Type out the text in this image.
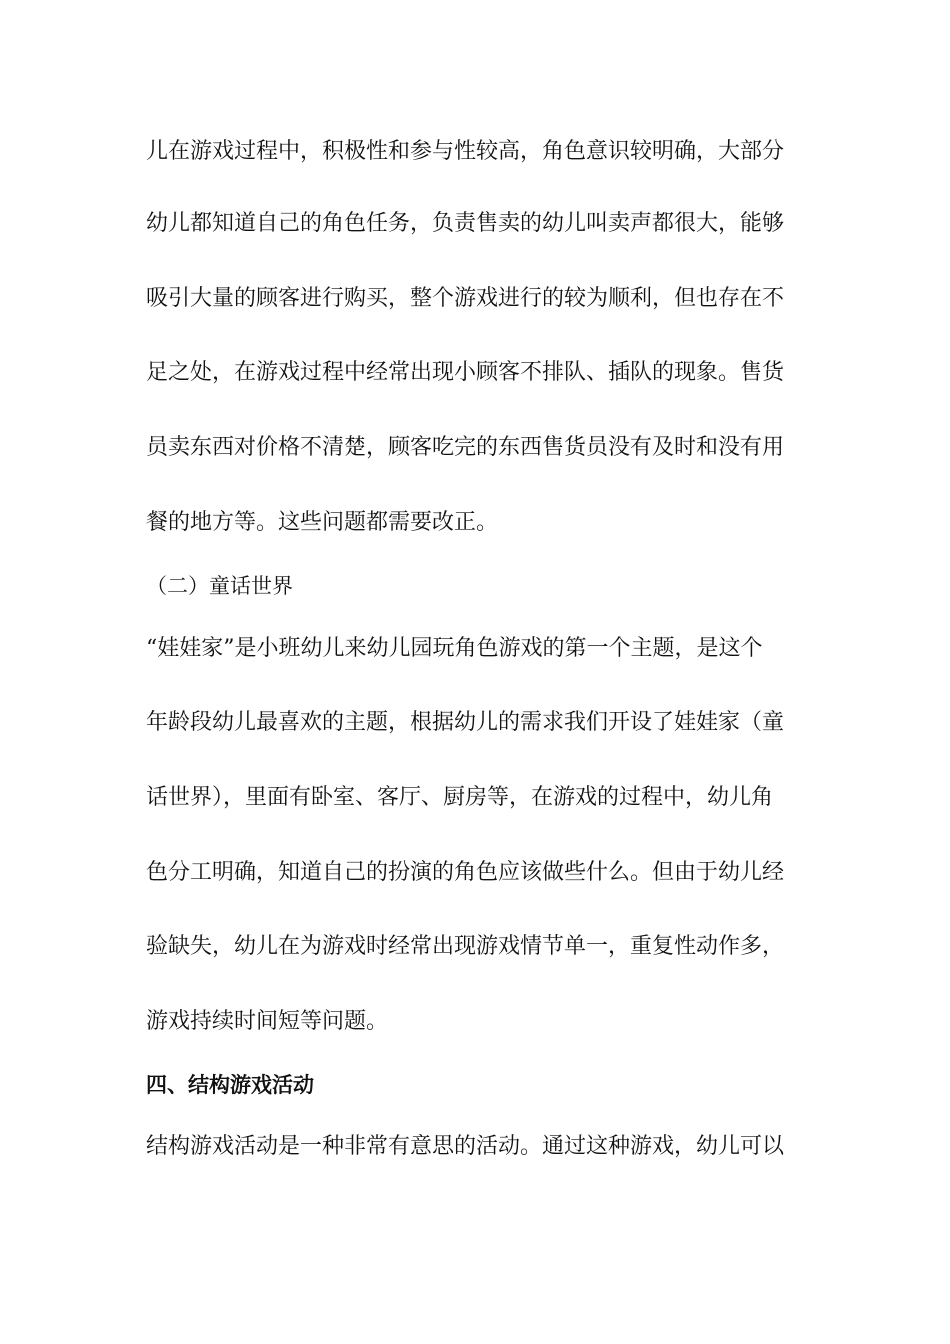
儿在游戏过程中，积极性和参与性较高，角色意识较明确，大部分
幼儿都知道自己的角色任务，负责售卖的幼儿叫卖声都很大，能够
吸引大量的顾客进行购买，整个游戏进行的较为顺利，但也存在不
足之处，在游戏过程中经常出现小顾客不排队、插队的现象。售货
员卖东西对价格不清楚，顾客吃完的东西售货员没有及时和没有用
餐的地方等。这些问题都需要改正。
（二）童话世界
“娃娃家”是小班幼儿来幼儿园玩角色游戏的第一个主题，是这个
年龄段幼儿最喜欢的主题，根据幼儿的需求我们开设了娃娃家（童
话世界），里面有卧室、客厅、厨房等，在游戏的过程中，幼儿角
色分工明确，知道自己的扮演的角色应该做些什么。但由于幼儿经
验缺失，幼儿在为游戏时经常出现游戏情节单一，重复性动作多，
游戏持续时间短等问题。
四、结构游戏活动
结构游戏活动是一种非常有意思的活动。通过这种游戏，幼儿可以
